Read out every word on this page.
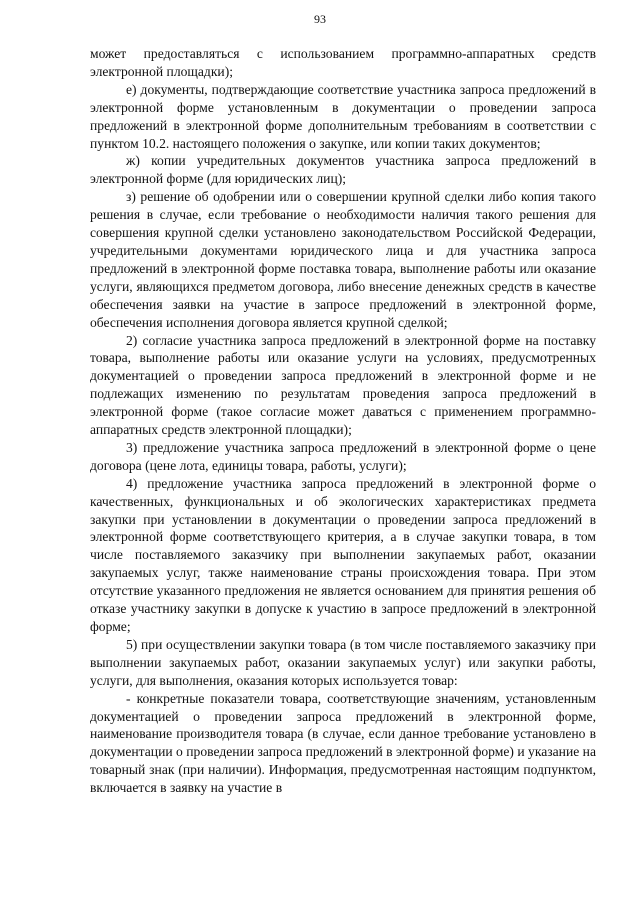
93

может предоставляться с использованием программно-аппаратных средств электронной площадки);

е) документы, подтверждающие соответствие участника запроса предложений в электронной форме установленным в документации о проведении запроса предложений в электронной форме дополнительным требованиям в соответствии с пунктом 10.2. настоящего положения о закупке, или копии таких документов;

ж) копии учредительных документов участника запроса предложений в электронной форме (для юридических лиц);

з) решение об одобрении или о совершении крупной сделки либо копия такого решения в случае, если требование о необходимости наличия такого решения для совершения крупной сделки установлено законодательством Российской Федерации, учредительными документами юридического лица и для участника запроса предложений в электронной форме поставка товара, выполнение работы или оказание услуги, являющихся предметом договора, либо внесение денежных средств в качестве обеспечения заявки на участие в запросе предложений в электронной форме, обеспечения исполнения договора является крупной сделкой;

2) согласие участника запроса предложений в электронной форме на поставку товара, выполнение работы или оказание услуги на условиях, предусмотренных документацией о проведении запроса предложений в электронной форме и не подлежащих изменению по результатам проведения запроса предложений в электронной форме (такое согласие может даваться с применением программно-аппаратных средств электронной площадки);

3) предложение участника запроса предложений в электронной форме о цене договора (цене лота, единицы товара, работы, услуги);

4) предложение участника запроса предложений в электронной форме о качественных, функциональных и об экологических характеристиках предмета закупки при установлении в документации о проведении запроса предложений в электронной форме соответствующего критерия, а в случае закупки товара, в том числе поставляемого заказчику при выполнении закупаемых работ, оказании закупаемых услуг, также наименование страны происхождения товара. При этом отсутствие указанного предложения не является основанием для принятия решения об отказе участнику закупки в допуске к участию в запросе предложений в электронной форме;

5) при осуществлении закупки товара (в том числе поставляемого заказчику при выполнении закупаемых работ, оказании закупаемых услуг) или закупки работы, услуги, для выполнения, оказания которых используется товар:

- конкретные показатели товара, соответствующие значениям, установленным документацией о проведении запроса предложений в электронной форме, наименование производителя товара (в случае, если данное требование установлено в документации о проведении запроса предложений в электронной форме) и указание на товарный знак (при наличии). Информация, предусмотренная настоящим подпунктом, включается в заявку на участие в
